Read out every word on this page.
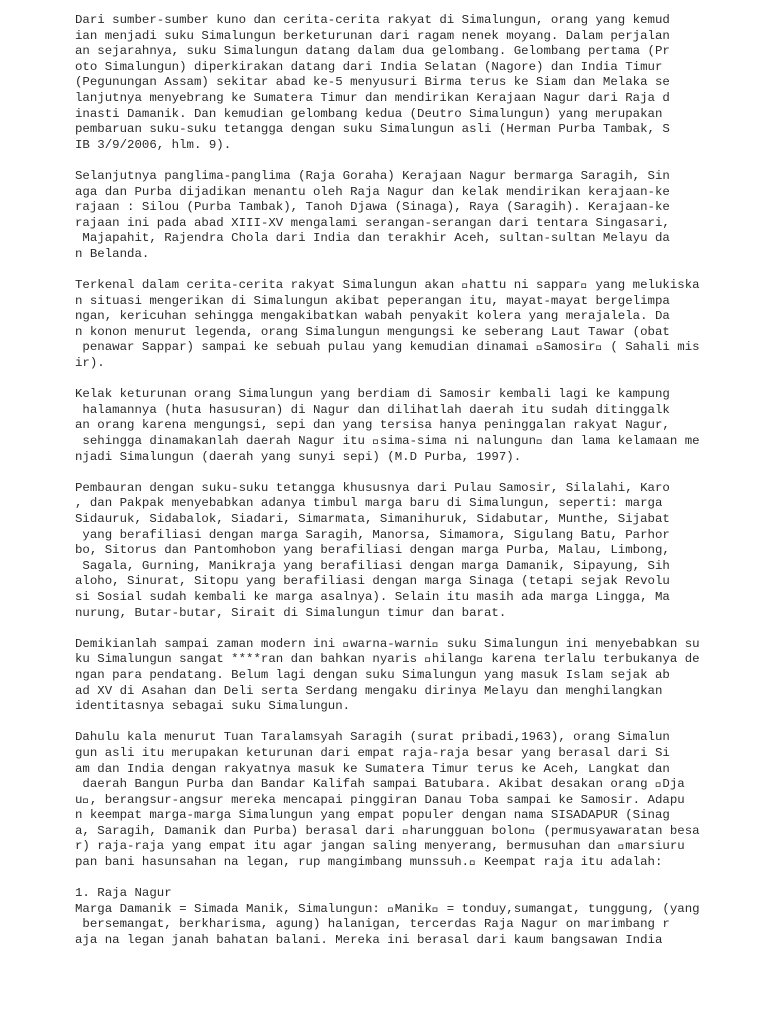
Dari sumber-sumber kuno dan cerita-cerita rakyat di Simalungun, orang yang kemud
ian menjadi suku Simalungun berketurunan dari ragam nenek moyang. Dalam perjalan
an sejarahnya, suku Simalungun datang dalam dua gelombang. Gelombang pertama (Pr
oto Simalungun) diperkirakan datang dari India Selatan (Nagore) dan India Timur
(Pegunungan Assam) sekitar abad ke-5 menyusuri Birma terus ke Siam dan Melaka se
lanjutnya menyebrang ke Sumatera Timur dan mendirikan Kerajaan Nagur dari Raja d
inasti Damanik. Dan kemudian gelombang kedua (Deutro Simalungun) yang merupakan
pembaruan suku-suku tetangga dengan suku Simalungun asli (Herman Purba Tambak, S
IB 3/9/2006, hlm. 9).
Selanjutnya panglima-panglima (Raja Goraha) Kerajaan Nagur bermarga Saragih, Sin
aga dan Purba dijadikan menantu oleh Raja Nagur dan kelak mendirikan kerajaan-ke
rajaan : Silou (Purba Tambak), Tanoh Djawa (Sinaga), Raya (Saragih). Kerajaan-ke
rajaan ini pada abad XIII-XV mengalami serangan-serangan dari tentara Singasari,
Majapahit, Rajendra Chola dari India dan terakhir Aceh, sultan-sultan Melayu da
n Belanda.
Terkenal dalam cerita-cerita rakyat Simalungun akan  hattu ni sappar  yang melukiska
n situasi mengerikan di Simalungun akibat peperangan itu, mayat-mayat bergelimpa
ngan, kericuhan sehingga mengakibatkan wabah penyakit kolera yang merajalela. Da
n konon menurut legenda, orang Simalungun mengungsi ke seberang Laut Tawar (obat
penawar Sappar) sampai ke sebuah pulau yang kemudian dinamai  Samosir  ( Sahali mis
ir).
Kelak keturunan orang Simalungun yang berdiam di Samosir kembali lagi ke kampung
halamannya (huta hasusuran) di Nagur dan dilihatlah daerah itu sudah ditinggalk
an orang karena mengungsi, sepi dan yang tersisa hanya peninggalan rakyat Nagur,
sehingga dinamakanlah daerah Nagur itu  sima-sima ni nalungun  dan lama kelamaan me
njadi Simalungun (daerah yang sunyi sepi) (M.D Purba, 1997).
Pembauran dengan suku-suku tetangga khususnya dari Pulau Samosir, Silalahi, Karo
, dan Pakpak menyebabkan adanya timbul marga baru di Simalungun, seperti: marga
Sidauruk, Sidabalok, Siadari, Simarmata, Simanihuruk, Sidabutar, Munthe, Sijabat
yang berafiliasi dengan marga Saragih, Manorsa, Simamora, Sigulang Batu, Parhor
bo, Sitorus dan Pantomhobon yang berafiliasi dengan marga Purba, Malau, Limbong,
Sagala, Gurning, Manikraja yang berafiliasi dengan marga Damanik, Sipayung, Sih
aloho, Sinurat, Sitopu yang berafiliasi dengan marga Sinaga (tetapi sejak Revolu
si Sosial sudah kembali ke marga asalnya). Selain itu masih ada marga Lingga, Ma
nurung, Butar-butar, Sirait di Simalungun timur dan barat.
Demikianlah sampai zaman modern ini  warna-warni  suku Simalungun ini menyebabkan su
ku Simalungun sangat ****ran dan bahkan nyaris  hilang  karena terlalu terbukanya de
ngan para pendatang. Belum lagi dengan suku Simalungun yang masuk Islam sejak ab
ad XV di Asahan dan Deli serta Serdang mengaku dirinya Melayu dan menghilangkan
identitasnya sebagai suku Simalungun.
Dahulu kala menurut Tuan Taralamsyah Saragih (surat pribadi,1963), orang Simalun
gun asli itu merupakan keturunan dari empat raja-raja besar yang berasal dari Si
am dan India dengan rakyatnya masuk ke Sumatera Timur terus ke Aceh, Langkat dan
daerah Bangun Purba dan Bandar Kalifah sampai Batubara. Akibat desakan orang  Dja
u , berangsur-angsur mereka mencapai pinggiran Danau Toba sampai ke Samosir. Adapu
n keempat marga-marga Simalungun yang empat populer dengan nama SISADAPUR (Sinag
a, Saragih, Damanik dan Purba) berasal dari  harungguan bolon  (permusyawaratan besa
r) raja-raja yang empat itu agar jangan saling menyerang, bermusuhan dan  marsiuru
pan bani hasunsahan na legan, rup mangimbang munssuh.  Keempat raja itu adalah:
1. Raja Nagur
Marga Damanik = Simada Manik, Simalungun:  Manik  = tonduy,sumangat, tunggung, (yang
bersemangat, berkharisma, agung) halanigan, tercerdas Raja Nagur on marimbang r
aja na legan janah bahatan balani. Mereka ini berasal dari kaum bangsawan India
